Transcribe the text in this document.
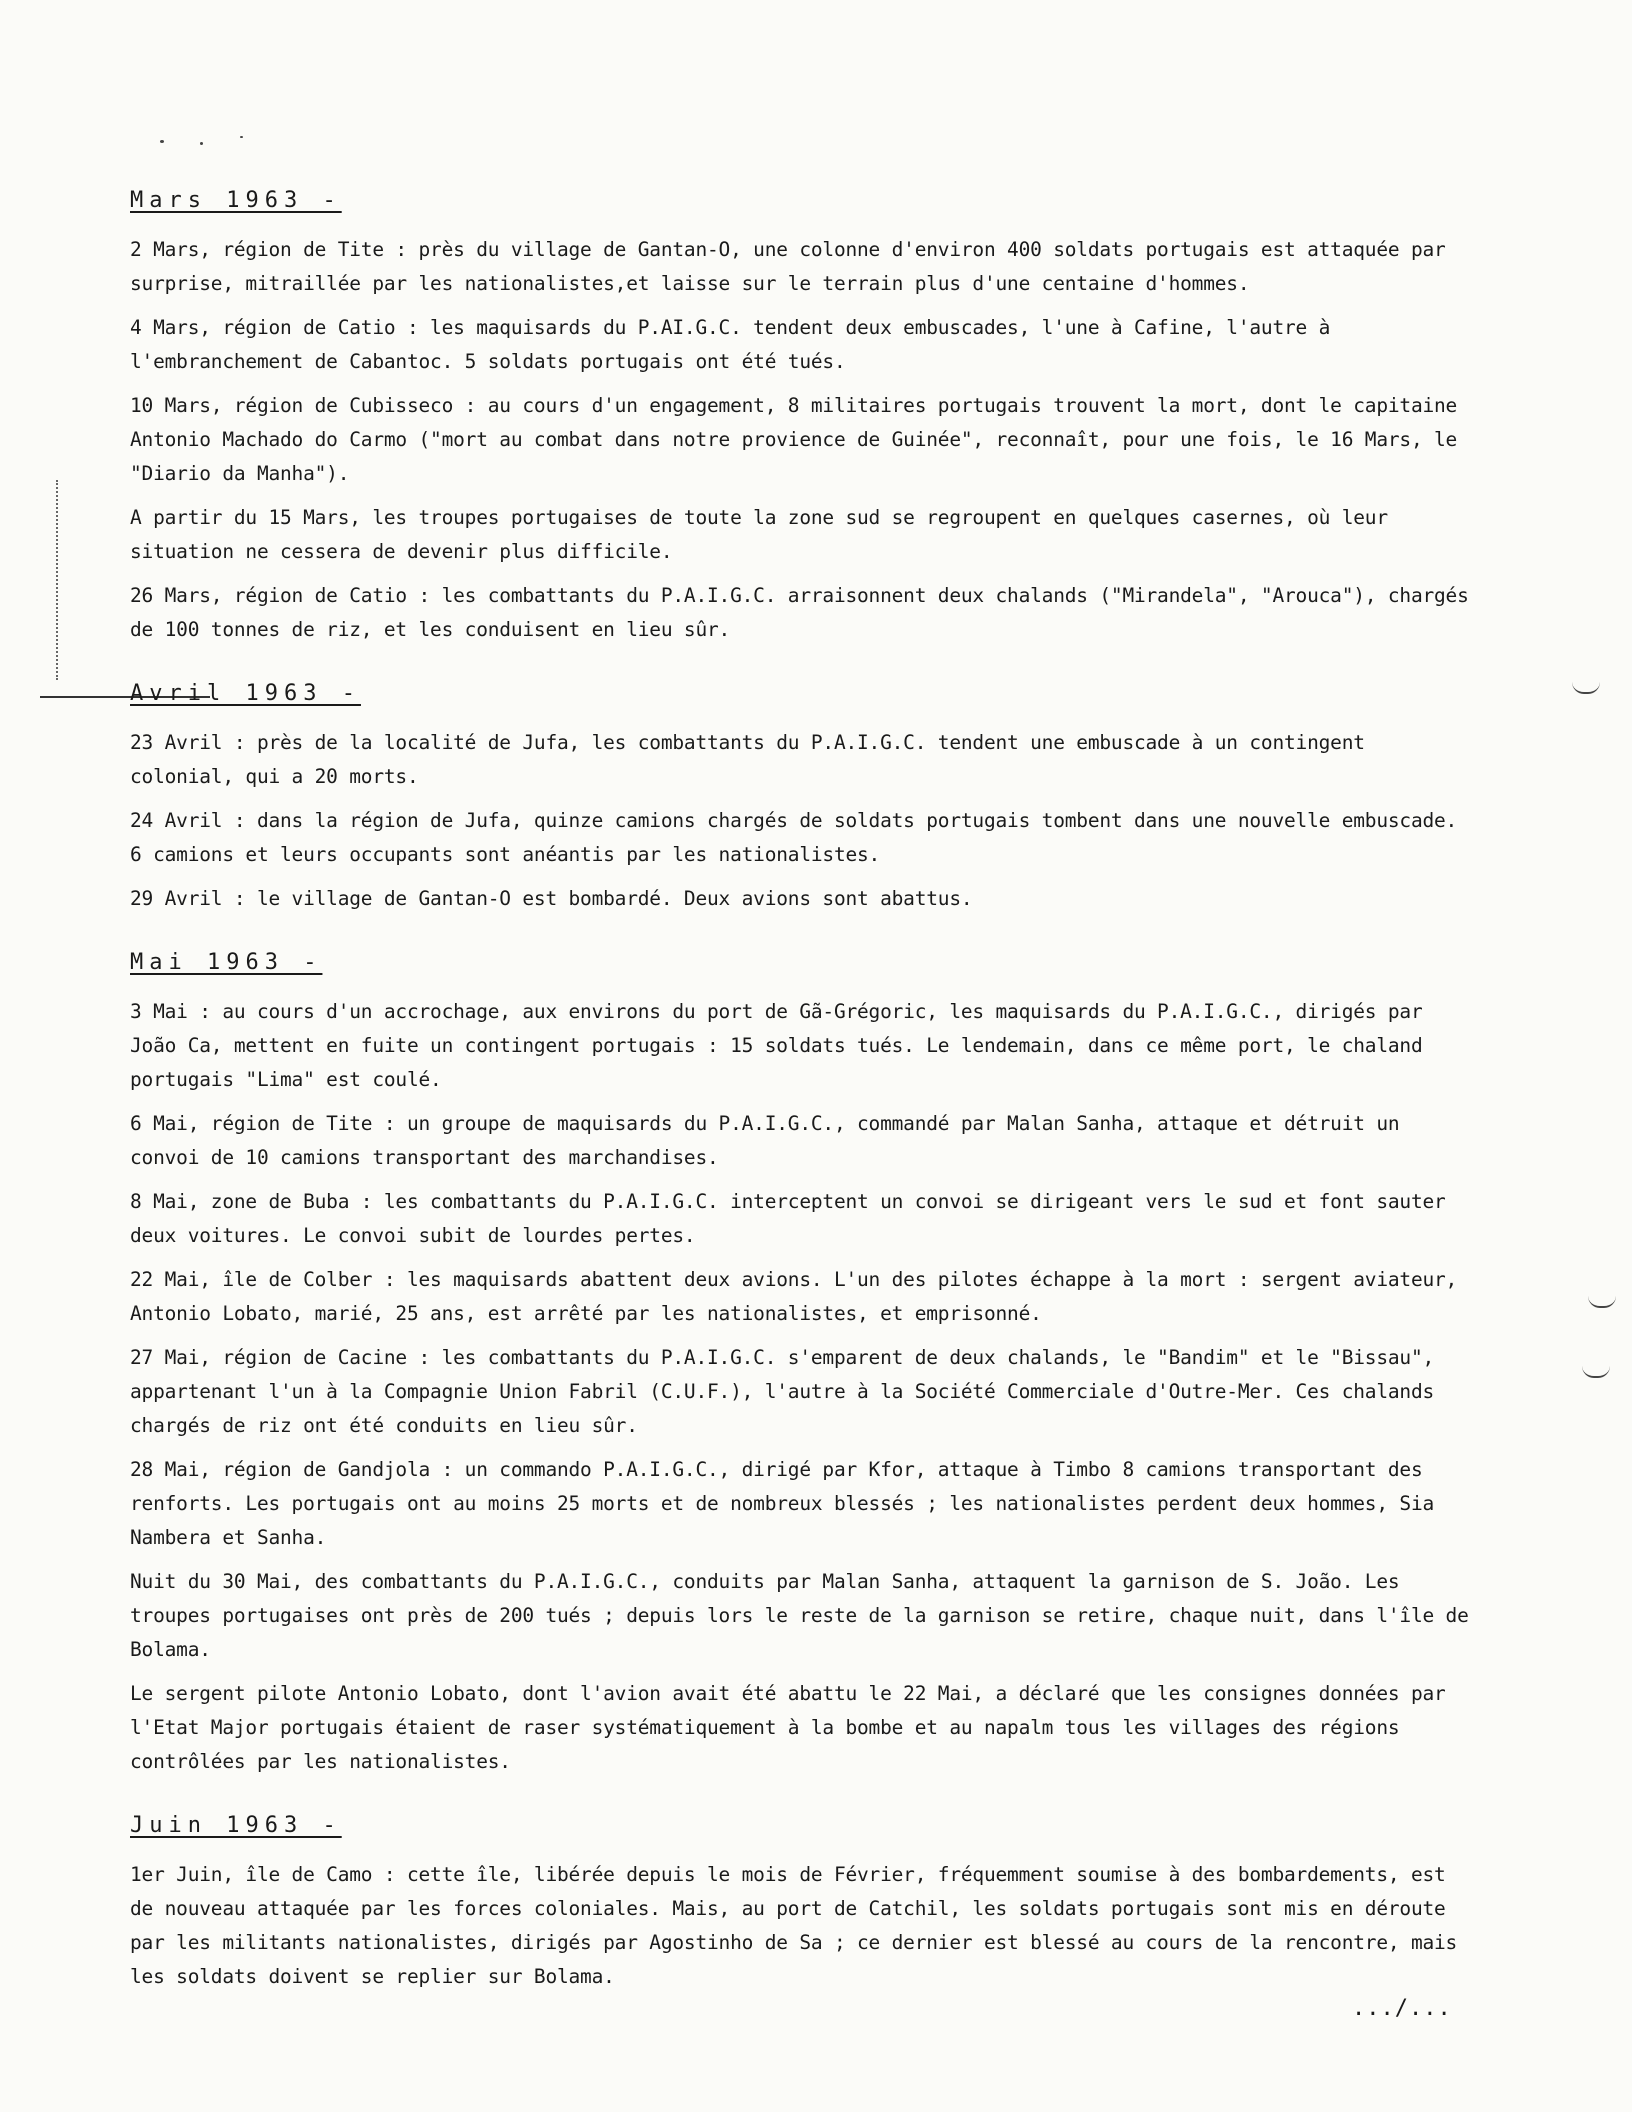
Mars 1963 -

2 Mars, région de Tite : près du village de Gantan-O, une colonne d'environ 400 soldats portugais est attaquée par surprise, mitraillée par les nationalistes,et laisse sur le terrain plus d'une centaine d'hommes.

4 Mars, région de Catio : les maquisards du P.AI.G.C. tendent deux embuscades, l'une à Cafine, l'autre à l'embranchement de Cabantoc. 5 soldats portugais ont été tués.

10 Mars, région de Cubisseco : au cours d'un engagement, 8 militaires portugais trouvent la mort, dont le capitaine Antonio Machado do Carmo ("mort au combat dans notre provience de Guinée", reconnaît, pour une fois, le 16 Mars, le "Diario da Manha").

A partir du 15 Mars, les troupes portugaises de toute la zone sud se regroupent en quelques casernes, où leur situation ne cessera de devenir plus difficile.

26 Mars, région de Catio : les combattants du P.A.I.G.C. arraisonnent deux chalands ("Mirandela", "Arouca"), chargés de 100 tonnes de riz, et les conduisent en lieu sûr.

Avril 1963 -

23 Avril : près de la localité de Jufa, les combattants du P.A.I.G.C. tendent une embuscade à un contingent colonial, qui a 20 morts.

24 Avril : dans la région de Jufa, quinze camions chargés de soldats portugais tombent dans une nouvelle embuscade. 6 camions et leurs occupants sont anéantis par les nationalistes.

29 Avril : le village de Gantan-O est bombardé. Deux avions sont abattus.

Mai 1963 -

3 Mai : au cours d'un accrochage, aux environs du port de Gã-Grégoric, les maquisards du P.A.I.G.C., dirigés par João Ca, mettent en fuite un contingent portugais : 15 soldats tués. Le lendemain, dans ce même port, le chaland portugais "Lima" est coulé.

6 Mai, région de Tite : un groupe de maquisards du P.A.I.G.C., commandé par Malan Sanha, attaque et détruit un convoi de 10 camions transportant des marchandises.

8 Mai, zone de Buba : les combattants du P.A.I.G.C. interceptent un convoi se dirigeant vers le sud et font sauter deux voitures. Le convoi subit de lourdes pertes.

22 Mai, île de Colber : les maquisards abattent deux avions. L'un des pilotes échappe à la mort : sergent aviateur, Antonio Lobato, marié, 25 ans, est arrêté par les nationalistes, et emprisonné.

27 Mai, région de Cacine : les combattants du P.A.I.G.C. s'emparent de deux chalands, le "Bandim" et le "Bissau", appartenant l'un à la Compagnie Union Fabril (C.U.F.), l'autre à la Société Commerciale d'Outre-Mer. Ces chalands chargés de riz ont été conduits en lieu sûr.

28 Mai, région de Gandjola : un commando P.A.I.G.C., dirigé par Kfor, attaque à Timbo 8 camions transportant des renforts. Les portugais ont au moins 25 morts et de nombreux blessés ; les nationalistes perdent deux hommes, Sia Nambera et Sanha.

Nuit du 30 Mai, des combattants du P.A.I.G.C., conduits par Malan Sanha, attaquent la garnison de S. João. Les troupes portugaises ont près de 200 tués ; depuis lors le reste de la garnison se retire, chaque nuit, dans l'île de Bolama.

Le sergent pilote Antonio Lobato, dont l'avion avait été abattu le 22 Mai, a déclaré que les consignes données par l'Etat Major portugais étaient de raser systématiquement à la bombe et au napalm tous les villages des régions contrôlées par les nationalistes.

Juin 1963 -

1er Juin, île de Camo : cette île, libérée depuis le mois de Février, fréquemment soumise à des bombardements, est de nouveau attaquée par les forces coloniales. Mais, au port de Catchil, les soldats portugais sont mis en déroute par les militants nationalistes, dirigés par Agostinho de Sa ; ce dernier est blessé au cours de la rencontre, mais les soldats doivent se replier sur Bolama.

.../...
